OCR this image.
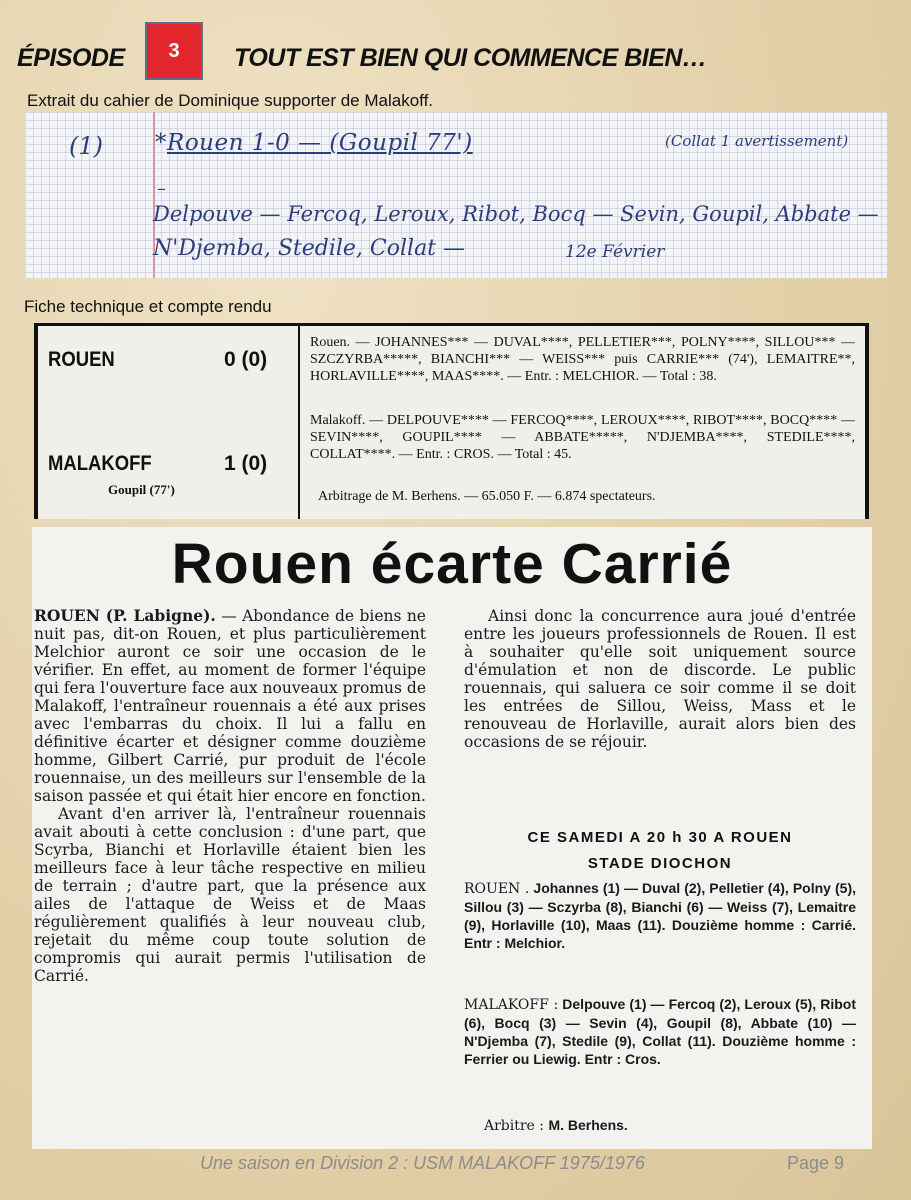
ÉPISODE	3	TOUT EST BIEN QUI COMMENCE BIEN…
Extrait du cahier de Dominique supporter de Malakoff.
(1) *Rouen 1-0 — (Goupil 77')	(Collat 1 avertissement)
–
Delpouve — Fercoq, Leroux, Ribot, Bocq — Sevin, Goupil, Abbate —
N'Djemba, Stedile, Collat —	12e Février
Fiche technique et compte rendu
ROUEN	0 (0)
MALAKOFF	1 (0)
Goupil (77')
Rouen. — JOHANNES*** — DUVAL****, PELLETIER***, POLNY****, SILLOU*** — SZCZYRBA*****, BIANCHI*** — WEISS*** puis CARRIE*** (74'), LEMAITRE**, HORLAVILLE****, MAAS****. — Entr. : MELCHIOR. — Total : 38.
Malakoff. — DELPOUVE**** — FERCOQ****, LEROUX****, RIBOT****, BOCQ**** — SEVIN****, GOUPIL**** — ABBATE*****, N'DJEMBA****, STEDILE****, COLLAT****. — Entr. : CROS. — Total : 45.
Arbitrage de M. Berhens. — 65.050 F. — 6.874 spectateurs.
Rouen écarte Carrié
ROUEN (P. Labigne). — Abondance de biens ne nuit pas, dit-on Rouen, et plus particulièrement Melchior auront ce soir une occasion de le vérifier. En effet, au moment de former l'équipe qui fera l'ouverture face aux nouveaux promus de Malakoff, l'entraîneur rouennais a été aux prises avec l'embarras du choix. Il lui a fallu en définitive écarter et désigner comme douzième homme, Gilbert Carrié, pur produit de l'école rouennaise, un des meilleurs sur l'ensemble de la saison passée et qui était hier encore en fonction.
Avant d'en arriver là, l'entraîneur rouennais avait abouti à cette conclusion : d'une part, que Scyrba, Bianchi et Horlaville étaient bien les meilleurs face à leur tâche respective en milieu de terrain ; d'autre part, que la présence aux ailes de l'attaque de Weiss et de Maas régulièrement qualifiés à leur nouveau club, rejetait du même coup toute solution de compromis qui aurait permis l'utilisation de Carrié.
Ainsi donc la concurrence aura joué d'entrée entre les joueurs professionnels de Rouen. Il est à souhaiter qu'elle soit uniquement source d'émulation et non de discorde. Le public rouennais, qui saluera ce soir comme il se doit les entrées de Sillou, Weiss, Mass et le renouveau de Horlaville, aurait alors bien des occasions de se réjouir.
CE SAMEDI A 20 h 30 A ROUEN
STADE DIOCHON
ROUEN . Johannes (1) — Duval (2), Pelletier (4), Polny (5), Sillou (3) — Sczyrba (8), Bianchi (6) — Weiss (7), Lemaitre (9), Horlaville (10), Maas (11). Douzième homme : Carrié. Entr : Melchior.
MALAKOFF : Delpouve (1) — Fercoq (2), Leroux (5), Ribot (6), Bocq (3) — Sevin (4), Goupil (8), Abbate (10) — N'Djemba (7), Stedile (9), Collat (11). Douzième homme : Ferrier ou Liewig. Entr : Cros.
Arbitre : M. Berhens.
Une saison en Division 2 : USM MALAKOFF 1975/1976	Page 9
